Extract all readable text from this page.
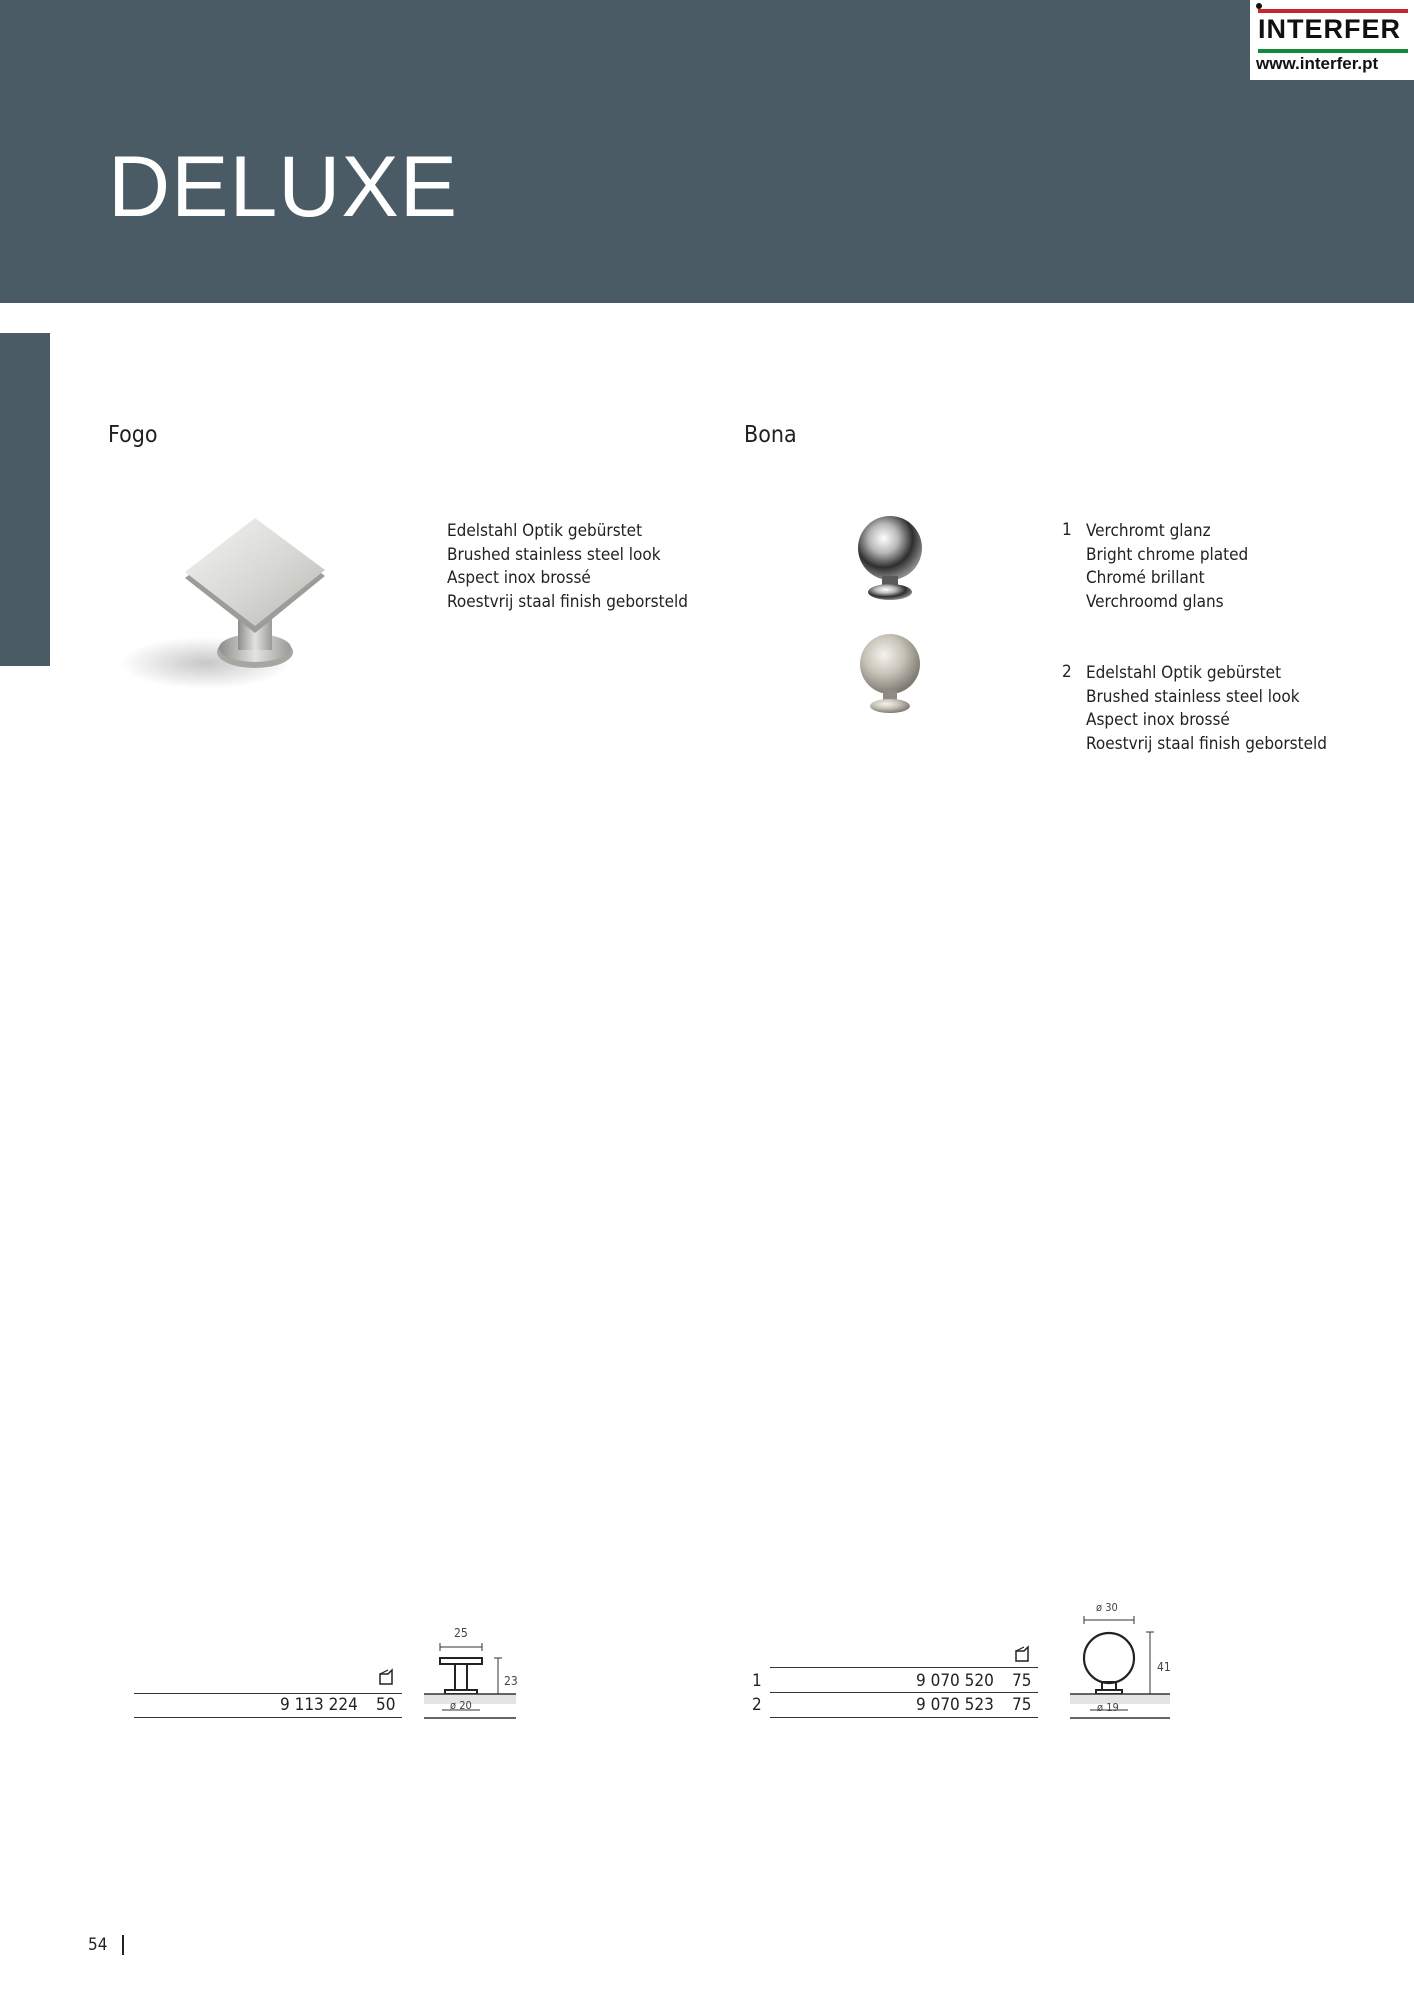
DELUXE
INTERFER
www.interfer.pt
Fogo
Edelstahl Optik gebürstet
Brushed stainless steel look
Aspect inox brossé
Roestvrij staal finish geborsteld
Bona
1 Verchromt glanz
Bright chrome plated
Chromé brillant
Verchroomd glans
2 Edelstahl Optik gebürstet
Brushed stainless steel look
Aspect inox brossé
Roestvrij staal finish geborsteld
9 113 224 50
25
23
ø 20
1	9 070 520 75
2	9 070 523 75
ø 30
41
ø 19
54
